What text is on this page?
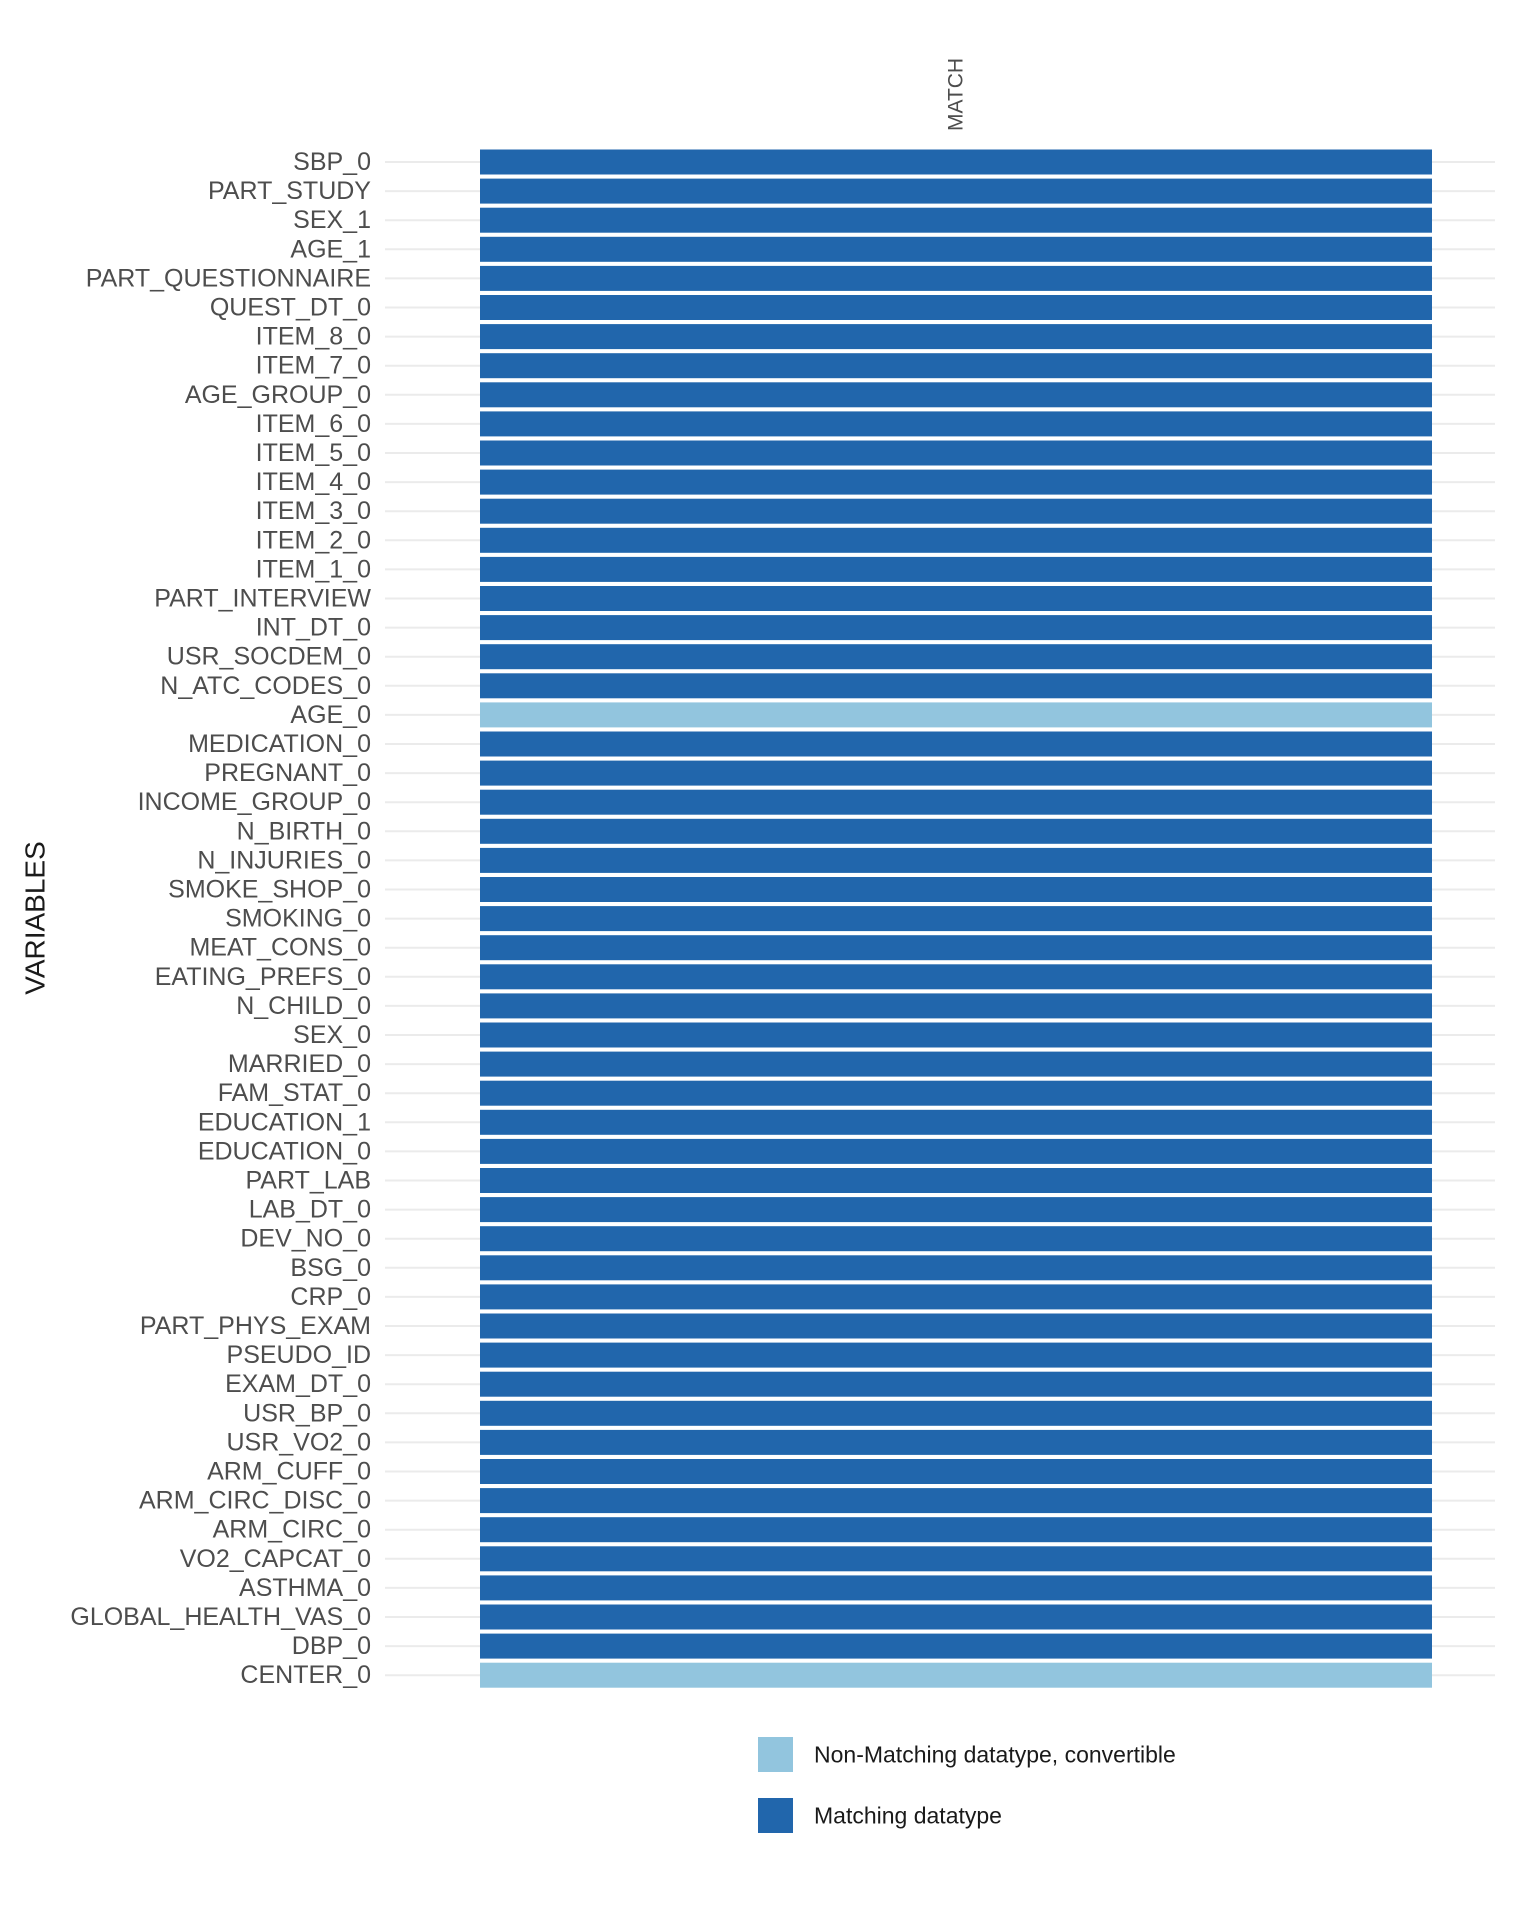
SBP_0
PART_STUDY
SEX_1
AGE_1
PART_QUESTIONNAIRE
QUEST_DT_0
ITEM_8_0
ITEM_7_0
AGE_GROUP_0
ITEM_6_0
ITEM_5_0
ITEM_4_0
ITEM_3_0
ITEM_2_0
ITEM_1_0
PART_INTERVIEW
INT_DT_0
USR_SOCDEM_0
N_ATC_CODES_0
AGE_0
MEDICATION_0
PREGNANT_0
INCOME_GROUP_0
N_BIRTH_0
N_INJURIES_0
SMOKE_SHOP_0
SMOKING_0
MEAT_CONS_0
EATING_PREFS_0
N_CHILD_0
SEX_0
MARRIED_0
FAM_STAT_0
EDUCATION_1
EDUCATION_0
PART_LAB
LAB_DT_0
DEV_NO_0
BSG_0
CRP_0
PART_PHYS_EXAM
PSEUDO_ID
EXAM_DT_0
USR_BP_0
USR_VO2_0
ARM_CUFF_0
ARM_CIRC_DISC_0
ARM_CIRC_0
VO2_CAPCAT_0
ASTHMA_0
GLOBAL_HEALTH_VAS_0
DBP_0
CENTER_0
MATCH
VARIABLES
Non-Matching datatype, convertible
Matching datatype
